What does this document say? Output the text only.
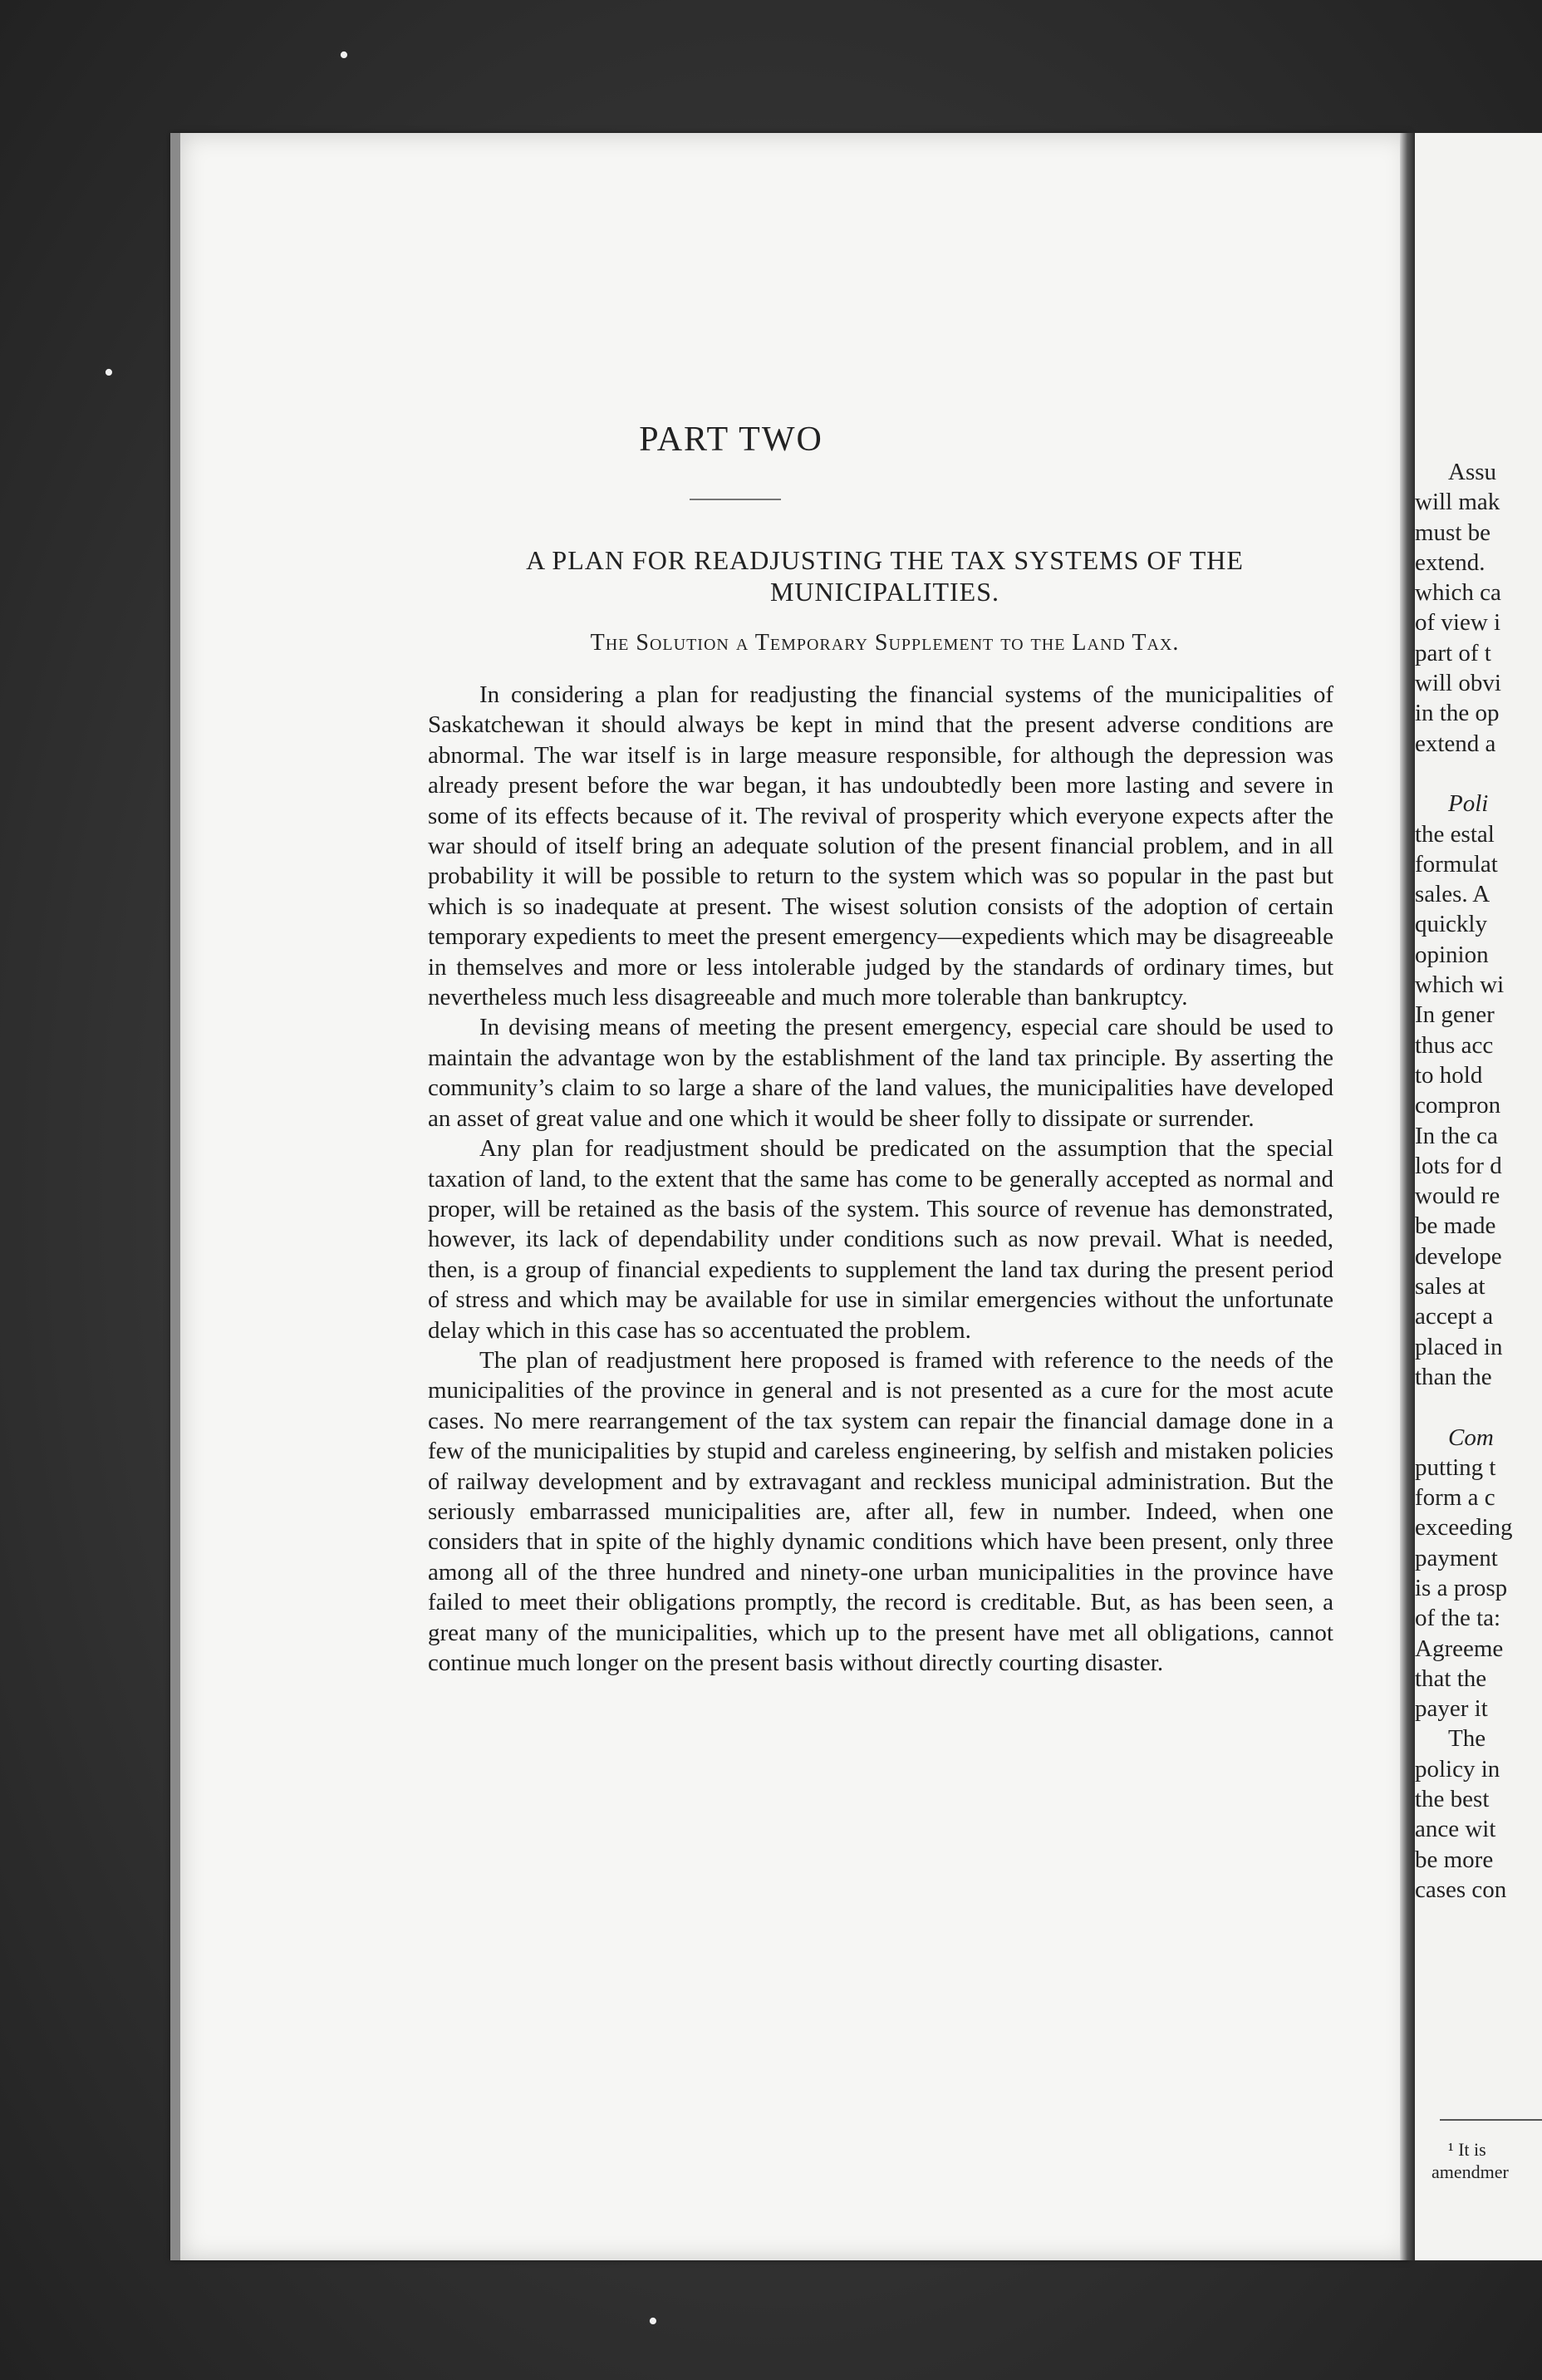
•
•
•
PART TWO
A PLAN FOR READJUSTING THE TAX SYSTEMS OF THE
MUNICIPALITIES.
The Solution a Temporary Supplement to the Land Tax.

In considering a plan for readjusting the financial systems of the municipalities of Saskatchewan it should always be kept in mind that the present adverse conditions are abnormal. The war itself is in large measure responsible, for although the depression was already present before the war began, it has undoubtedly been more lasting and severe in some of its effects because of it. The revival of prosperity which everyone expects after the war should of itself bring an adequate solution of the present financial problem, and in all probability it will be possible to return to the system which was so popular in the past but which is so inadequate at present. The wisest solution consists of the adoption of certain temporary expedients to meet the present emergency—expedients which may be disagreeable in themselves and more or less intolerable judged by the standards of ordinary times, but nevertheless much less disagreeable and much more tolerable than bankruptcy.

In devising means of meeting the present emergency, especial care should be used to maintain the advantage won by the establishment of the land tax principle. By asserting the community’s claim to so large a share of the land values, the municipalities have developed an asset of great value and one which it would be sheer folly to dissipate or surrender.

Any plan for readjustment should be predicated on the assumption that the special taxation of land, to the extent that the same has come to be generally accepted as normal and proper, will be retained as the basis of the system. This source of revenue has demonstrated, however, its lack of dependability under conditions such as now prevail. What is needed, then, is a group of financial expedients to supplement the land tax during the present period of stress and which may be available for use in similar emergencies without the unfortunate delay which in this case has so accentuated the problem.

The plan of readjustment here proposed is framed with reference to the needs of the municipalities of the province in general and is not presented as a cure for the most acute cases. No mere rearrangement of the tax system can repair the financial damage done in a few of the municipalities by stupid and careless engineering, by selfish and mistaken policies of railway development and by extravagant and reckless municipal administration. But the seriously embarrassed municipalities are, after all, few in number. Indeed, when one considers that in spite of the highly dynamic conditions which have been present, only three among all of the three hundred and ninety-one urban municipalities in the province have failed to meet their obligations promptly, the record is creditable. But, as has been seen, a great many of the municipalities, which up to the present have met all obligations, cannot continue much longer on the present basis without directly courting disaster.

Assu
will mak
must be
extend.
which ca
of view i
part of t
will obvi
in the op
extend a
Poli
the estal
formulat
sales. A
quickly
opinion
which wi
In gener
thus acc
to hold
compron
In the ca
lots for d
would re
be made
develope
sales at
accept a
placed in
than the
Com
putting t
form a c
exceeding
payment
is a prosp
of the ta:
Agreeme
that the
payer it
The
policy in
the best
ance wit
be more
cases con
¹ It is
amendmer
